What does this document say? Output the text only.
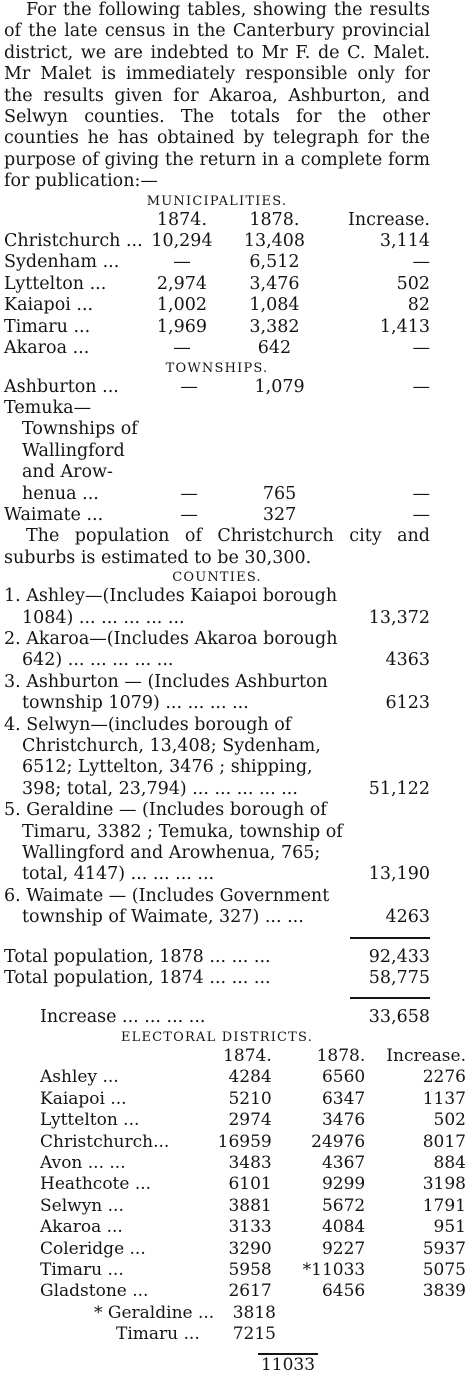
For the following tables, showing the results of the late census in the Canterbury provincial district, we are indebted to Mr F. de C. Malet. Mr Malet is immediately responsible only for the results given for Akaroa, Ashburton, and Selwyn counties. The totals for the other counties he has obtained by telegraph for the purpose of giving the return in a complete form for publication:—

MUNICIPALITIES.
	1874.	1878.	Increase.
Christchurch ...	10,294	13,408	3,114
Sydenham ...	—	6,512	—
Lyttelton ...	2,974	3,476	502
Kaiapoi ...	1,002	1,084	82
Timaru ...	1,969	3,382	1,413
Akaroa ...	—	642	—
TOWNSHIPS.
Ashburton ...	—	1,079	—
Temuka—			
Townships of			
Wallingford			
and Arow-			
henua ...	—	765	—
Waimate ...	—	327	—

The population of Christchurch city and suburbs is estimated to be 30,300.

COUNTIES.
1. Ashley—(Includes Kaiapoi borough 1084) ... ... ... ... ...	13,372
2. Akaroa—(Includes Akaroa borough 642) ... ... ... ... ...	4363
3. Ashburton — (Includes Ashburton township 1079) ... ... ... ...	6123
4. Selwyn—(includes borough of Christchurch, 13,408; Sydenham, 6512; Lyttelton, 3476 ; shipping, 398; total, 23,794) ... ... ... ... ...	51,122
5. Geraldine — (Includes borough of Timaru, 3382 ; Temuka, township of Wallingford and Arowhenua, 765; total, 4147) ... ... ... ...	13,190
6. Waimate — (Includes Government township of Waimate, 327) ... ...	4263
Total population, 1878 ... ... ...	92,433
Total population, 1874 ... ... ...	58,775
Increase ... ... ... ...	33,658
ELECTORAL DISTRICTS.
	1874.	1878.	Increase.
Ashley ...	4284	6560	2276
Kaiapoi ...	5210	6347	1137
Lyttelton ...	2974	3476	502
Christchurch...	16959	24976	8017
Avon ... ...	3483	4367	884
Heathcote ...	6101	9299	3198
Selwyn ...	3881	5672	1791
Akaroa ...	3133	4084	951
Coleridge ...	3290	9227	5937
Timaru ...	5958	*11033	5075
Gladstone ...	2617	6456	3839
* Geraldine ...	3818
Timaru ...	7215
11033
